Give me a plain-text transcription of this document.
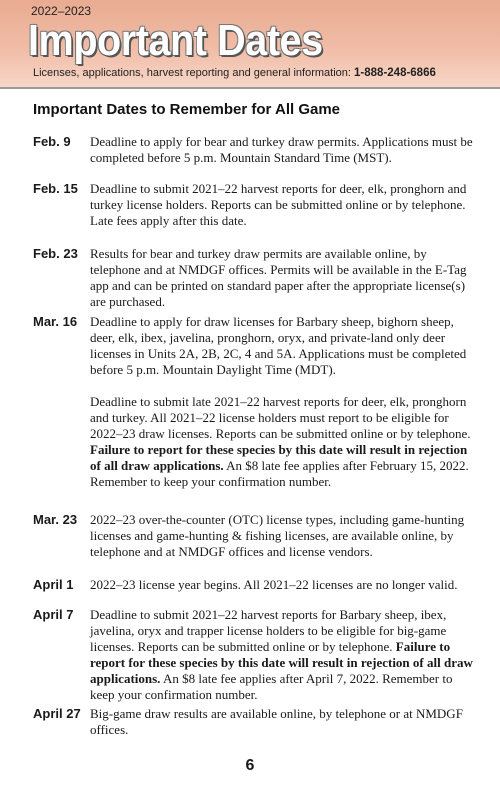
2022–2023
Important Dates
Licenses, applications, harvest reporting and general information: 1-888-248-6866
Important Dates to Remember for All Game
Feb. 9 Deadline to apply for bear and turkey draw permits. Applications must be completed before 5 p.m. Mountain Standard Time (MST).

Feb. 15 Deadline to submit 2021–22 harvest reports for deer, elk, pronghorn and turkey license holders. Reports can be submitted online or by telephone. Late fees apply after this date.

Feb. 23 Results for bear and turkey draw permits are available online, by telephone and at NMDGF offices. Permits will be available in the E-Tag app and can be printed on standard paper after the appropriate license(s) are purchased.

Mar. 16 Deadline to apply for draw licenses for Barbary sheep, bighorn sheep, deer, elk, ibex, javelina, pronghorn, oryx, and private-land only deer licenses in Units 2A, 2B, 2C, 4 and 5A. Applications must be completed before 5 p.m. Mountain Daylight Time (MDT).

Deadline to submit late 2021–22 harvest reports for deer, elk, pronghorn and turkey. All 2021–22 license holders must report to be eligible for 2022–23 draw licenses. Reports can be submitted online or by telephone. Failure to report for these species by this date will result in rejection of all draw applications. An $8 late fee applies after February 15, 2022. Remember to keep your confirmation number.

Mar. 23 2022–23 over-the-counter (OTC) license types, including game-hunting licenses and game-hunting & fishing licenses, are available online, by telephone and at NMDGF offices and license vendors.

April 1 2022–23 license year begins. All 2021–22 licenses are no longer valid.

April 7 Deadline to submit 2021–22 harvest reports for Barbary sheep, ibex, javelina, oryx and trapper license holders to be eligible for big-game licenses. Reports can be submitted online or by telephone. Failure to report for these species by this date will result in rejection of all draw applications. An $8 late fee applies after April 7, 2022. Remember to keep your confirmation number.

April 27 Big-game draw results are available online, by telephone or at NMDGF offices.

6
